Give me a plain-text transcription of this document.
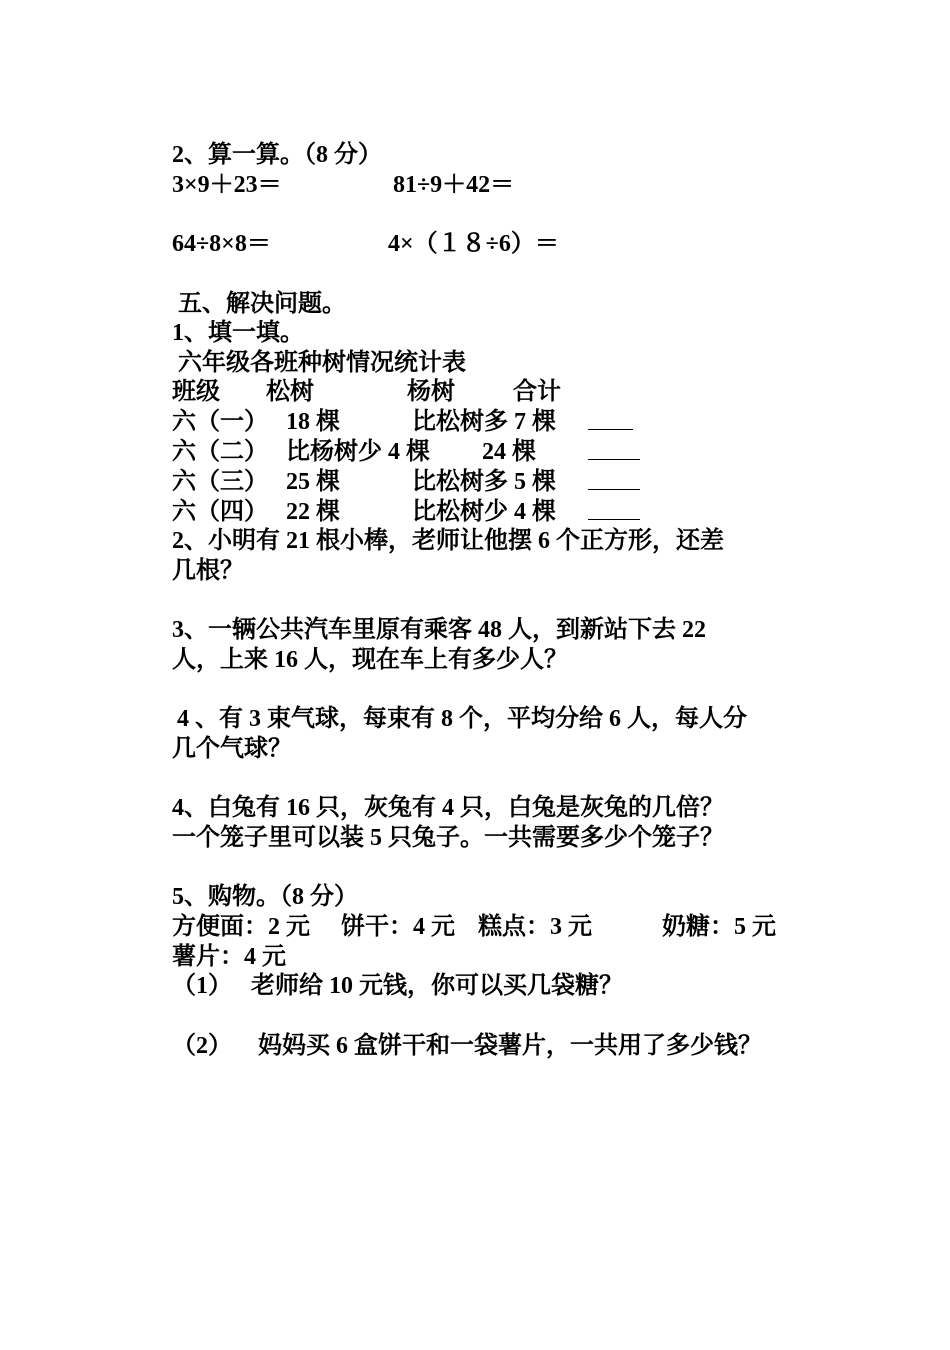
2、算一算。（8 分）
3×9＋23＝	81÷9＋42＝
64÷8×8＝	4×（１８÷6）＝
五、解决问题。
1、填一填。
六年级各班种树情况统计表
班级 松树	杨树 合计
六（一） 18 棵	比松树多 7 棵
六（二） 比杨树少 4 棵 24 棵
六（三） 25 棵	比松树多 5 棵
六（四） 22 棵	比松树少 4 棵
2、小明有 21 根小棒，老师让他摆 6 个正方形，还差
几根？
3、一辆公共汽车里原有乘客 48 人，到新站下去 22
人，上来 16 人，现在车上有多少人？
4 、有 3 束气球，每束有 8 个，平均分给 6 人，每人分
几个气球？
4、白兔有 16 只，灰兔有 4 只，白兔是灰兔的几倍？
一个笼子里可以装 5 只兔子。一共需要多少个笼子？
5、购物。（8 分）
方便面：2 元 饼干：4 元 糕点：3 元	奶糖：5 元
薯片：4 元
（1） 老师给 10 元钱，你可以买几袋糖？
（2） 妈妈买 6 盒饼干和一袋薯片，一共用了多少钱？
